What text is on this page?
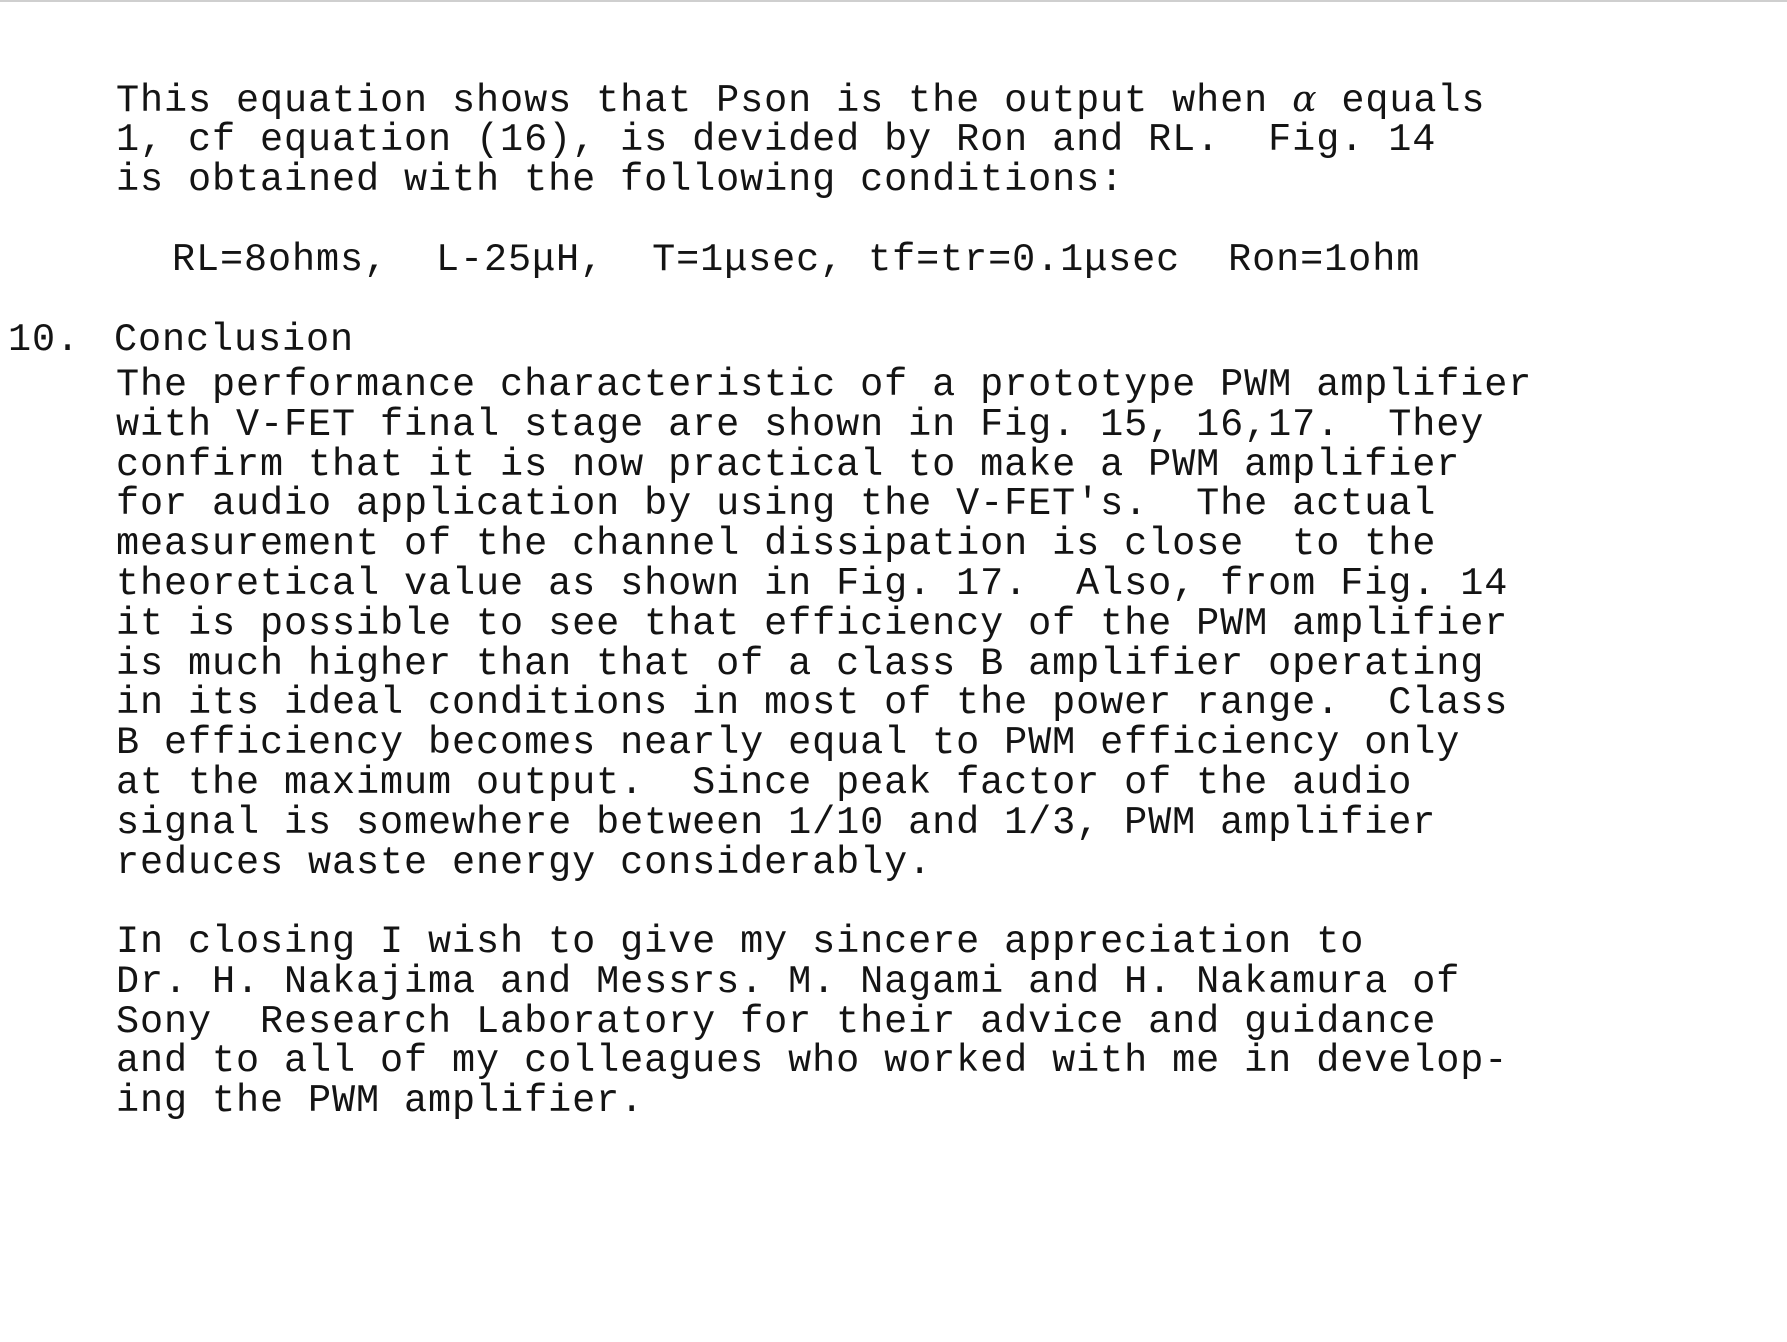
This equation shows that Pson is the output when α equals
1, cf equation (16), is devided by Ron and RL.  Fig. 14
is obtained with the following conditions:
RL=8ohms,  L-25μH,  T=1μsec, tf=tr=0.1μsec  Ron=1ohm
10. Conclusion
The performance characteristic of a prototype PWM amplifier
with V-FET final stage are shown in Fig. 15, 16,17.  They
confirm that it is now practical to make a PWM amplifier
for audio application by using the V-FET's.  The actual
measurement of the channel dissipation is close  to the
theoretical value as shown in Fig. 17.  Also, from Fig. 14
it is possible to see that efficiency of the PWM amplifier
is much higher than that of a class B amplifier operating
in its ideal conditions in most of the power range.  Class
B efficiency becomes nearly equal to PWM efficiency only
at the maximum output.  Since peak factor of the audio
signal is somewhere between 1/10 and 1/3, PWM amplifier
reduces waste energy considerably.
In closing I wish to give my sincere appreciation to
Dr. H. Nakajima and Messrs. M. Nagami and H. Nakamura of
Sony  Research Laboratory for their advice and guidance
and to all of my colleagues who worked with me in develop-
ing the PWM amplifier.
